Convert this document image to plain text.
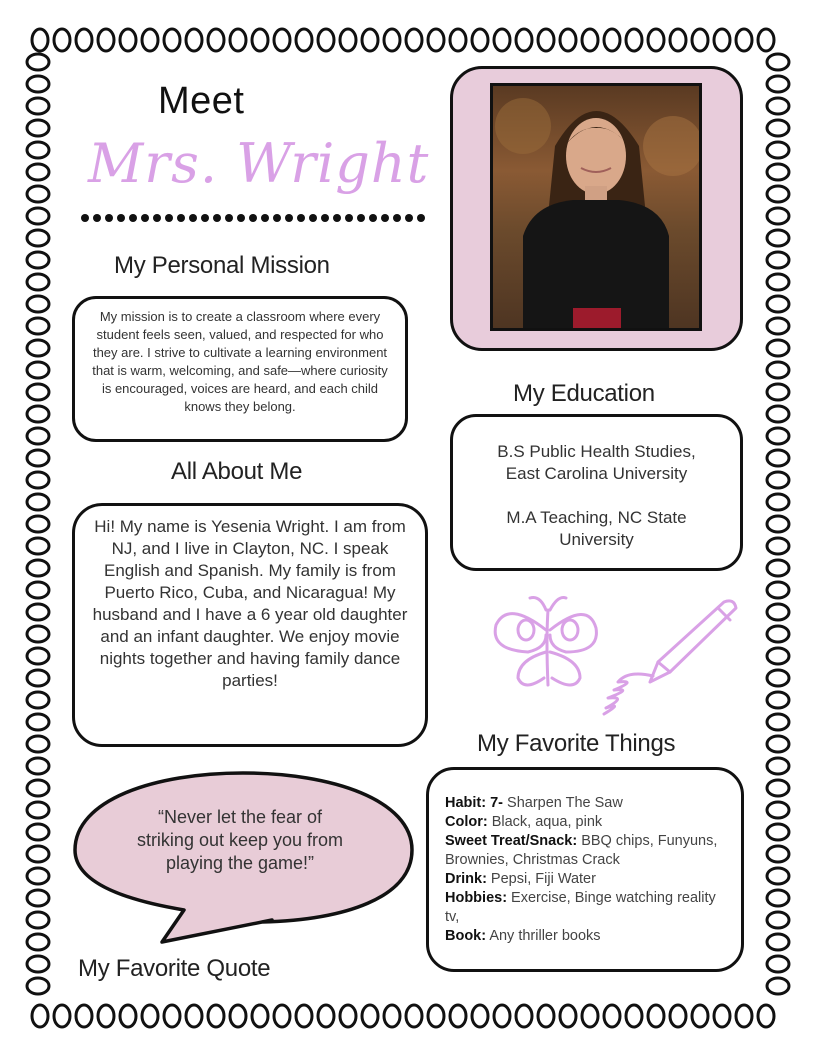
Meet
Mrs. Wright
My Personal Mission
My mission is to create a classroom where every student feels seen, valued, and respected for who they are. I strive to cultivate a learning environment that is warm, welcoming, and safe—where curiosity is encouraged, voices are heard, and each child knows they belong.
All About Me
Hi! My name is Yesenia Wright. I am from NJ, and I live in Clayton, NC. I speak English and Spanish. My family is from Puerto Rico, Cuba, and Nicaragua! My husband and I have a 6 year old daughter and an infant daughter. We enjoy movie nights together and having family dance parties!
My Education
B.S Public Health Studies,
East Carolina University
M.A Teaching, NC State
University
My Favorite Things
Habit: 7- Sharpen The Saw
Color: Black, aqua, pink
Sweet Treat/Snack: BBQ chips, Funyuns, Brownies, Christmas Crack
Drink: Pepsi, Fiji Water
Hobbies: Exercise, Binge watching reality tv,
Book: Any thriller books
“Never let the fear of striking out keep you from playing the game!”
My Favorite Quote
